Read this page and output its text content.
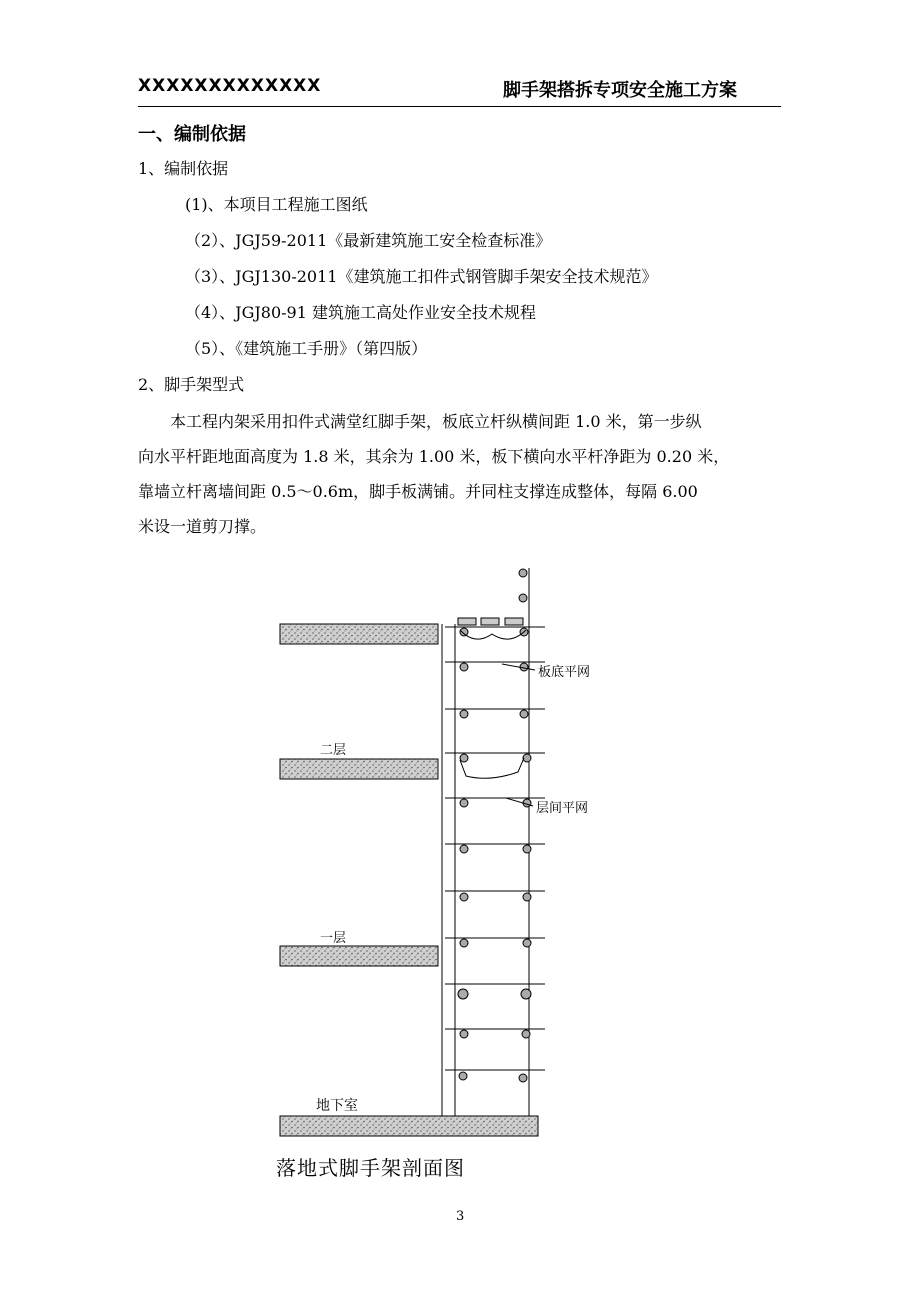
XXXXXXXXXXXXX	脚手架搭拆专项安全施工方案
一、编制依据
1、编制依据
(1)、本项目工程施工图纸
（2）、JGJ59-2011《最新建筑施工安全检查标准》
（3）、JGJ130-2011《建筑施工扣件式钢管脚手架安全技术规范》
（4）、JGJ80-91 建筑施工高处作业安全技术规程
（5）、《建筑施工手册》（第四版）
2、脚手架型式
本工程内架采用扣件式满堂红脚手架，板底立杆纵横间距 1.0 米，第一步纵
向水平杆距地面高度为 1.8 米，其余为 1.00 米，板下横向水平杆净距为 0.20 米，
靠墙立杆离墙间距 0.5～0.6m，脚手板满铺。并同柱支撑连成整体，每隔 6.00
米设一道剪刀撑。
板底平网
层间平网
二层
一层
地下室
落地式脚手架剖面图
3
